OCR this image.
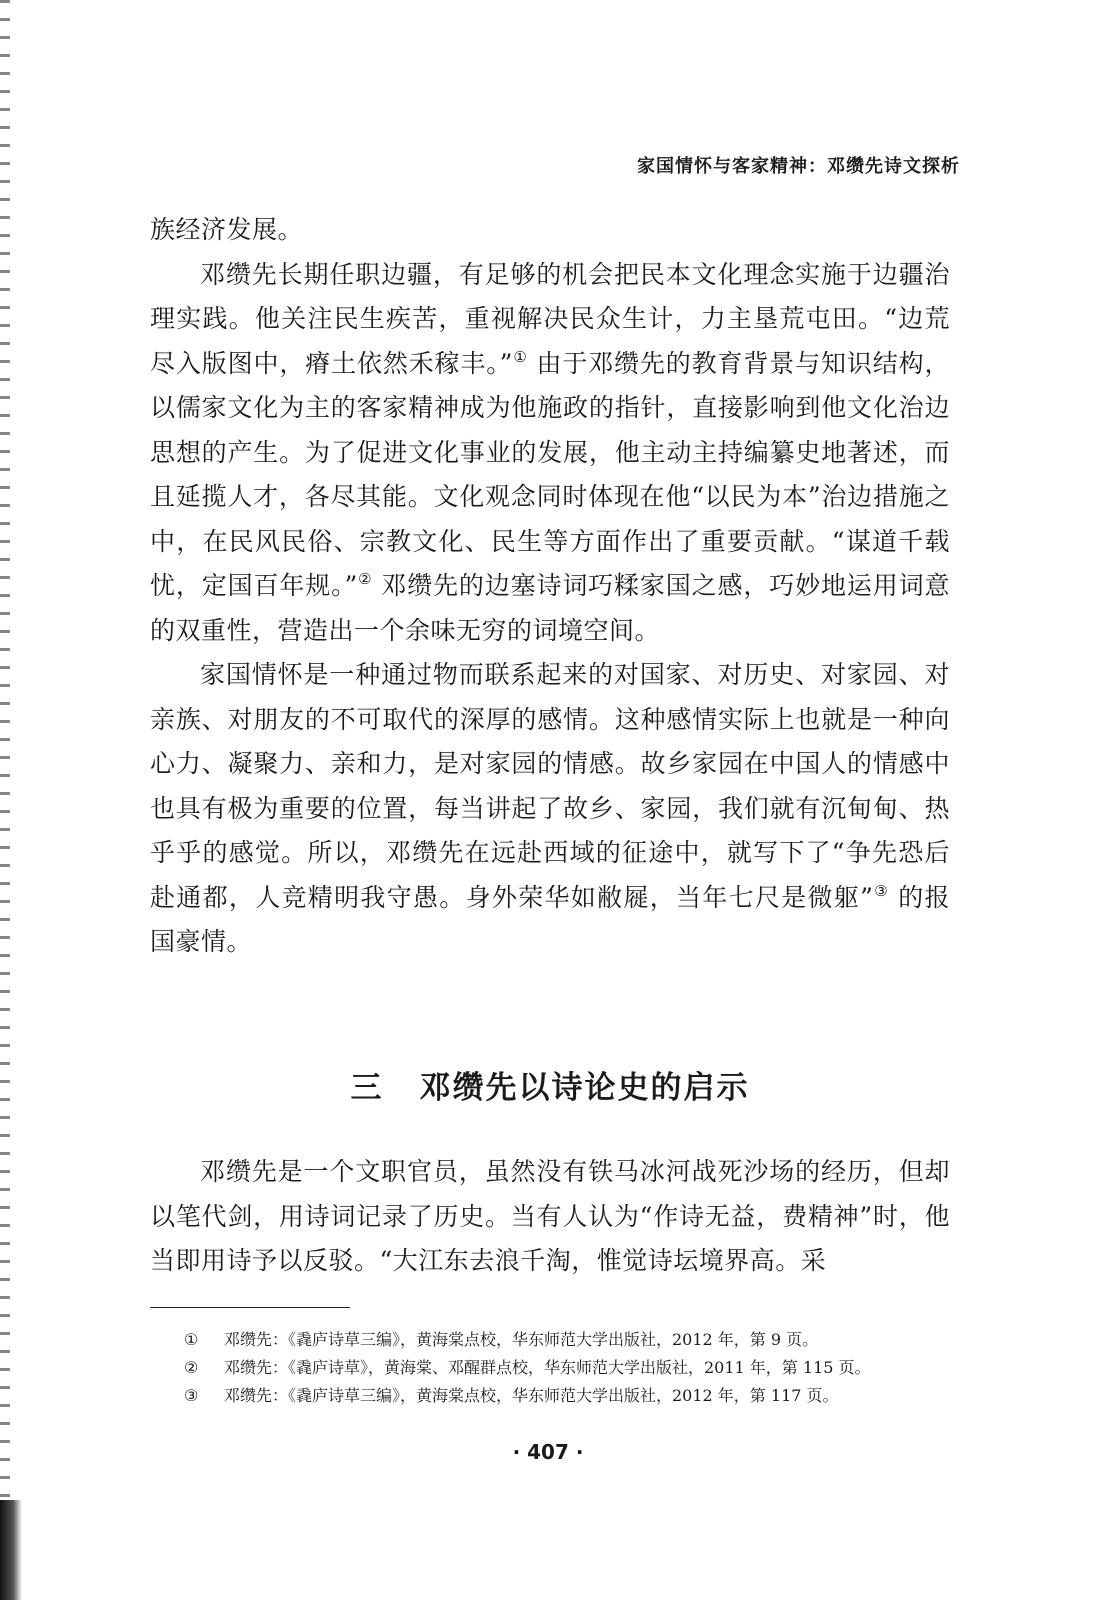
家国情怀与客家精神：邓缵先诗文探析

族经济发展。

邓缵先长期任职边疆，有足够的机会把民本文化理念实施于边疆治理实践。他关注民生疾苦，重视解决民众生计，力主垦荒屯田。“边荒尽入版图中，瘠土依然禾稼丰。”① 由于邓缵先的教育背景与知识结构，以儒家文化为主的客家精神成为他施政的指针，直接影响到他文化治边思想的产生。为了促进文化事业的发展，他主动主持编纂史地著述，而且延揽人才，各尽其能。文化观念同时体现在他“以民为本”治边措施之中，在民风民俗、宗教文化、民生等方面作出了重要贡献。“谋道千载忧，定国百年规。”② 邓缵先的边塞诗词巧糅家国之感，巧妙地运用词意的双重性，营造出一个余味无穷的词境空间。

家国情怀是一种通过物而联系起来的对国家、对历史、对家园、对亲族、对朋友的不可取代的深厚的感情。这种感情实际上也就是一种向心力、凝聚力、亲和力，是对家园的情感。故乡家园在中国人的情感中也具有极为重要的位置，每当讲起了故乡、家园，我们就有沉甸甸、热乎乎的感觉。所以，邓缵先在远赴西域的征途中，就写下了“争先恐后赴通都，人竞精明我守愚。身外荣华如敝屣，当年七尺是微躯”③ 的报国豪情。

三 邓缵先以诗论史的启示

邓缵先是一个文职官员，虽然没有铁马冰河战死沙场的经历，但却以笔代剑，用诗词记录了历史。当有人认为“作诗无益，费精神”时，他当即用诗予以反驳。“大江东去浪千淘，惟觉诗坛境界高。采

①	邓缵先：《毳庐诗草三编》，黄海棠点校，华东师范大学出版社，2012 年，第 9 页。
②	邓缵先：《毳庐诗草》，黄海棠、邓醒群点校，华东师范大学出版社，2011 年，第 115 页。
③	邓缵先：《毳庐诗草三编》，黄海棠点校，华东师范大学出版社，2012 年，第 117 页。
· 407 ·
